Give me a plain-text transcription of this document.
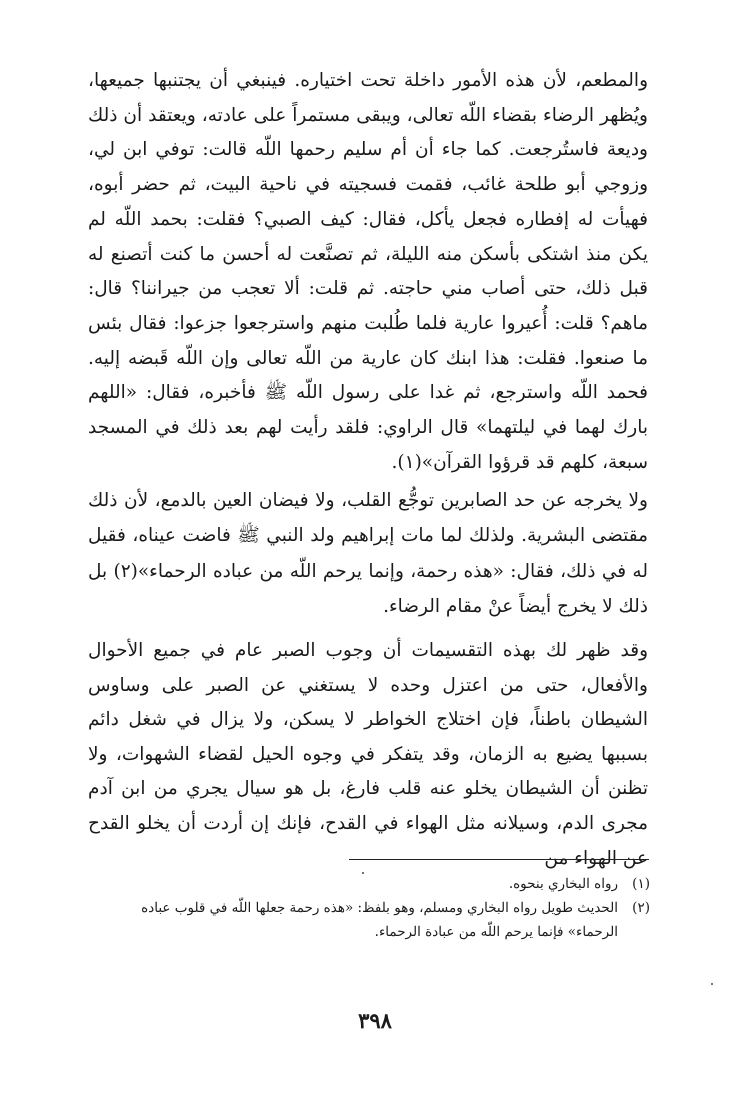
والمطعم، لأن هذه الأمور داخلة تحت اختياره. فينبغي أن يجتنبها جميعها، ويُظهر الرضاء بقضاء اللّه تعالى، ويبقى مستمراً على عادته، ويعتقد أن ذلك وديعة فاستُرجعت. كما جاء أن أم سليم رحمها اللّه قالت: توفي ابن لي، وزوجي أبو طلحة غائب، فقمت فسجيته في ناحية البيت، ثم حضر أبوه، فهيأت له إفطاره فجعل يأكل، فقال: كيف الصبي؟ فقلت: بحمد اللّه لم يكن منذ اشتكى بأسكن منه الليلة، ثم تصنَّعت له أحسن ما كنت أتصنع له قبل ذلك، حتى أصاب مني حاجته. ثم قلت: ألا تعجب من جيراننا؟ قال: ماهم؟ قلت: أُعيروا عارية فلما طُلبت منهم واسترجعوا جزعوا: فقال بئس ما صنعوا. فقلت: هذا ابنك كان عارية من اللّه تعالى وإن اللّه قَبضه إليه. فحمد اللّه واسترجع، ثم غدا على رسول اللّه ﷺ فأخبره، فقال: «اللهم بارك لهما في ليلتهما» قال الراوي: فلقد رأيت لهم بعد ذلك في المسجد سبعة، كلهم قد قرؤوا القرآن»(١).

ولا يخرجه عن حد الصابرين توجُّع القلب، ولا فيضان العين بالدمع، لأن ذلك مقتضى البشرية. ولذلك لما مات إبراهيم ولد النبي ﷺ فاضت عيناه، فقيل له في ذلك، فقال: «هذه رحمة، وإنما يرحم اللّه من عباده الرحماء»(٢) بل ذلك لا يخرج أيضاً عنْ مقام الرضاء.

وقد ظهر لك بهذه التقسيمات أن وجوب الصبر عام في جميع الأحوال والأفعال، حتى من اعتزل وحده لا يستغني عن الصبر على وساوس الشيطان باطناً، فإن اختلاج الخواطر لا يسكن، ولا يزال في شغل دائم بسببها يضيع به الزمان، وقد يتفكر في وجوه الحيل لقضاء الشهوات، ولا تظنن أن الشيطان يخلو عنه قلب فارغ، بل هو سيال يجري من ابن آدم مجرى الدم، وسيلانه مثل الهواء في القدح، فإنك إن أردت أن يخلو القدح عن الهواء من

(١)
رواه البخاري بنحوه.
(٢)
الحديث طويل رواه البخاري ومسلم، وهو بلفظ: «هذه رحمة جعلها اللّه في قلوب عباده الرحماء» فإنما يرحم اللّه من عبادة الرحماء.
٣٩٨
